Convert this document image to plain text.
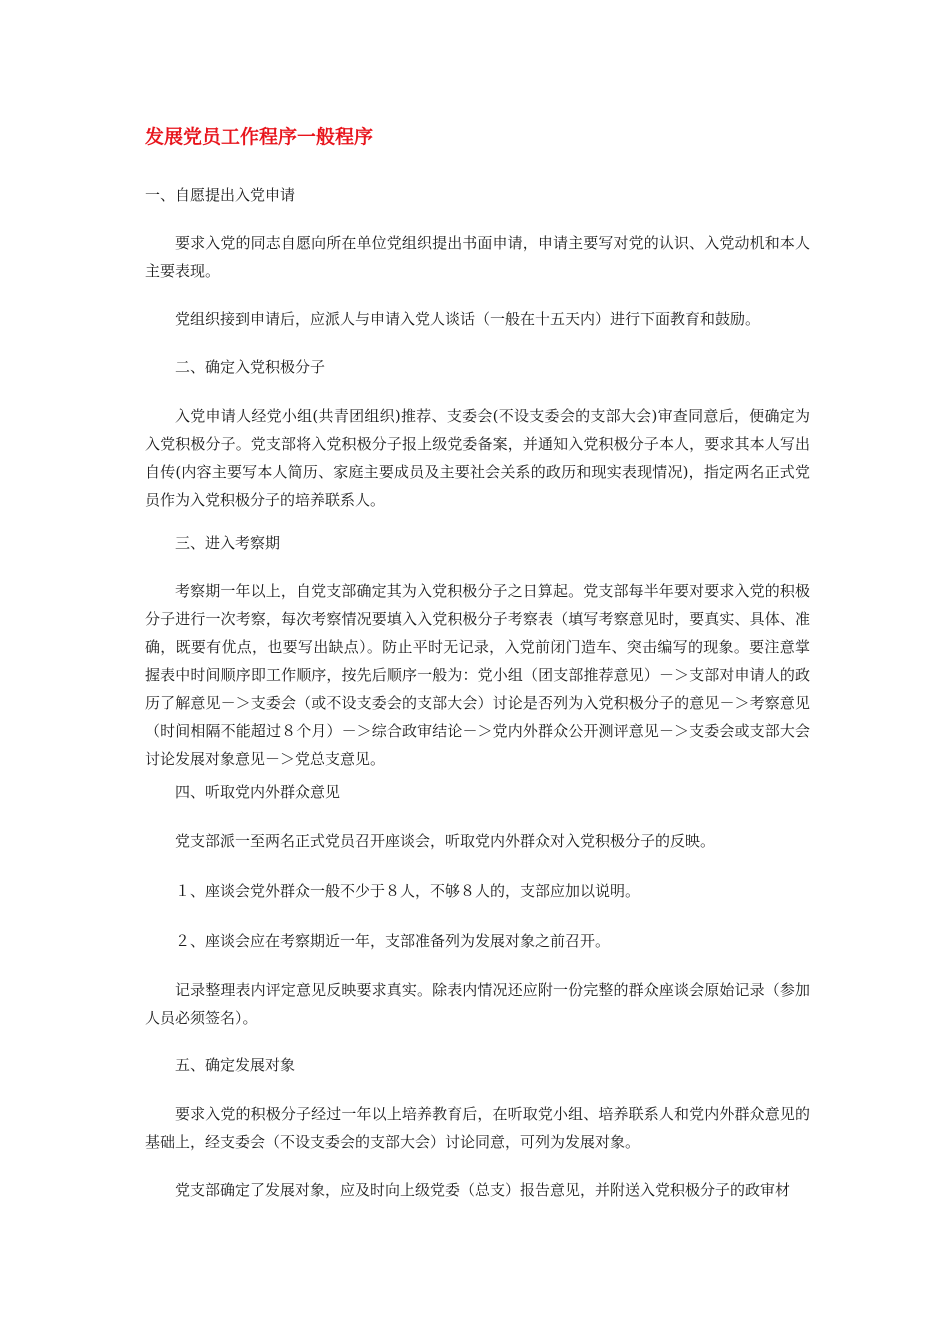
发展党员工作程序一般程序

一、自愿提出入党申请

要求入党的同志自愿向所在单位党组织提出书面申请，申请主要写对党的认识、入党动机和本人主要表现。

党组织接到申请后，应派人与申请入党人谈话（一般在十五天内）进行下面教育和鼓励。

二、确定入党积极分子

入党申请人经党小组(共青团组织)推荐、支委会(不设支委会的支部大会)审查同意后，便确定为入党积极分子。党支部将入党积极分子报上级党委备案，并通知入党积极分子本人，要求其本人写出自传(内容主要写本人简历、家庭主要成员及主要社会关系的政历和现实表现情况)，指定两名正式党员作为入党积极分子的培养联系人。

三、进入考察期

考察期一年以上，自党支部确定其为入党积极分子之日算起。党支部每半年要对要求入党的积极分子进行一次考察，每次考察情况要填入入党积极分子考察表（填写考察意见时，要真实、具体、准确，既要有优点，也要写出缺点）。防止平时无记录，入党前闭门造车、突击编写的现象。要注意掌握表中时间顺序即工作顺序，按先后顺序一般为：党小组（团支部推荐意见）－＞支部对申请人的政历了解意见－＞支委会（或不设支委会的支部大会）讨论是否列为入党积极分子的意见－＞考察意见（时间相隔不能超过８个月）－＞综合政审结论－＞党内外群众公开测评意见－＞支委会或支部大会讨论发展对象意见－＞党总支意见。

四、听取党内外群众意见

党支部派一至两名正式党员召开座谈会，听取党内外群众对入党积极分子的反映。

１、座谈会党外群众一般不少于８人，不够８人的，支部应加以说明。

２、座谈会应在考察期近一年，支部准备列为发展对象之前召开。

记录整理表内评定意见反映要求真实。除表内情况还应附一份完整的群众座谈会原始记录（参加人员必须签名）。

五、确定发展对象

要求入党的积极分子经过一年以上培养教育后，在听取党小组、培养联系人和党内外群众意见的基础上，经支委会（不设支委会的支部大会）讨论同意，可列为发展对象。

党支部确定了发展对象，应及时向上级党委（总支）报告意见，并附送入党积极分子的政审材
